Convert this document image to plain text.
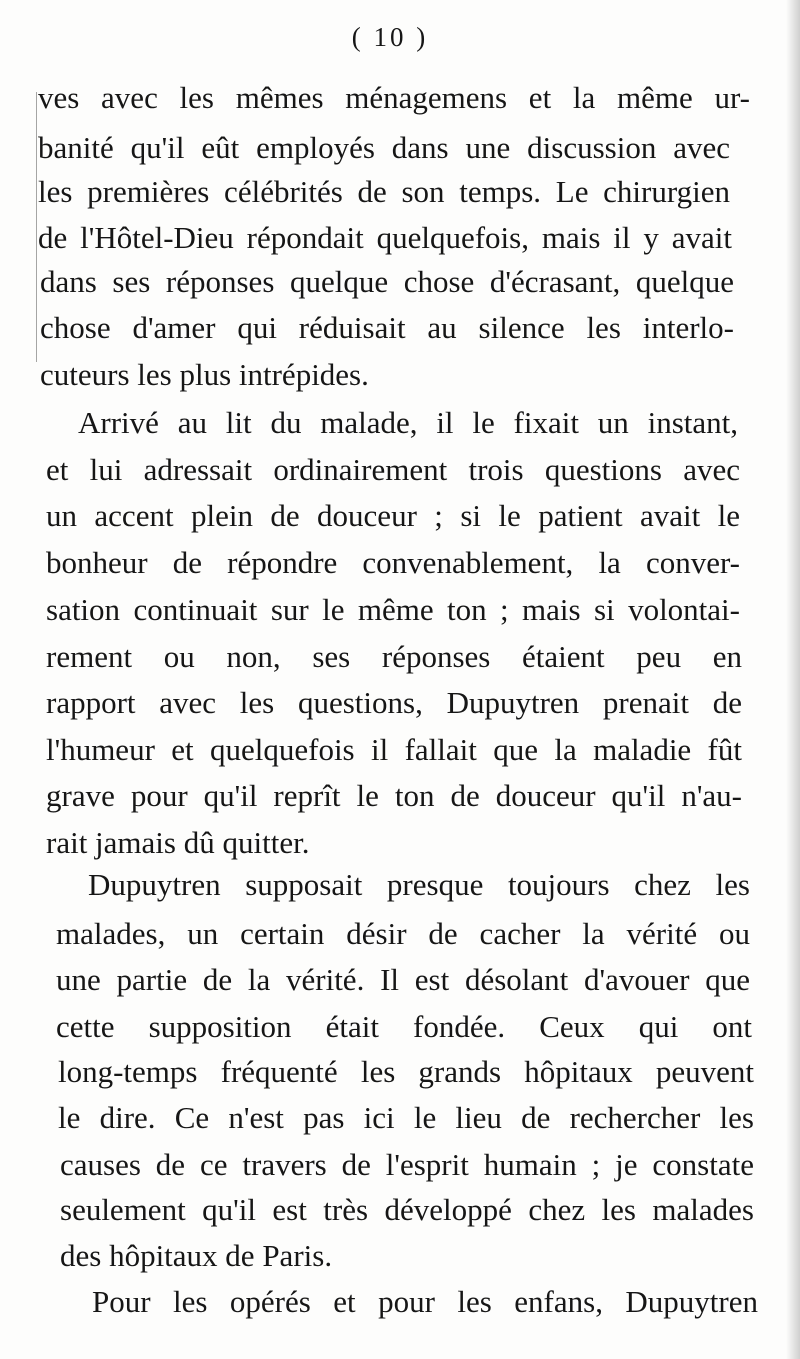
( 10 )
ves avec les mêmes ménagemens et la même ur-
banité qu'il eût employés dans une discussion avec
les premières célébrités de son temps. Le chirurgien
de l'Hôtel-Dieu répondait quelquefois, mais il y avait
dans ses réponses quelque chose d'écrasant, quelque
chose d'amer qui réduisait au silence les interlo-
cuteurs les plus intrépides.
Arrivé au lit du malade, il le fixait un instant,
et lui adressait ordinairement trois questions avec
un accent plein de douceur ; si le patient avait le
bonheur de répondre convenablement, la conver-
sation continuait sur le même ton ; mais si volontai-
rement ou non, ses réponses étaient peu en
rapport avec les questions, Dupuytren prenait de
l'humeur et quelquefois il fallait que la maladie fût
grave pour qu'il reprît le ton de douceur qu'il n'au-
rait jamais dû quitter.
Dupuytren supposait presque toujours chez les
malades, un certain désir de cacher la vérité ou
une partie de la vérité. Il est désolant d'avouer que
cette supposition était fondée. Ceux qui ont
long-temps fréquenté les grands hôpitaux peuvent
le dire. Ce n'est pas ici le lieu de rechercher les
causes de ce travers de l'esprit humain ; je constate
seulement qu'il est très développé chez les malades
des hôpitaux de Paris.
Pour les opérés et pour les enfans, Dupuytren
